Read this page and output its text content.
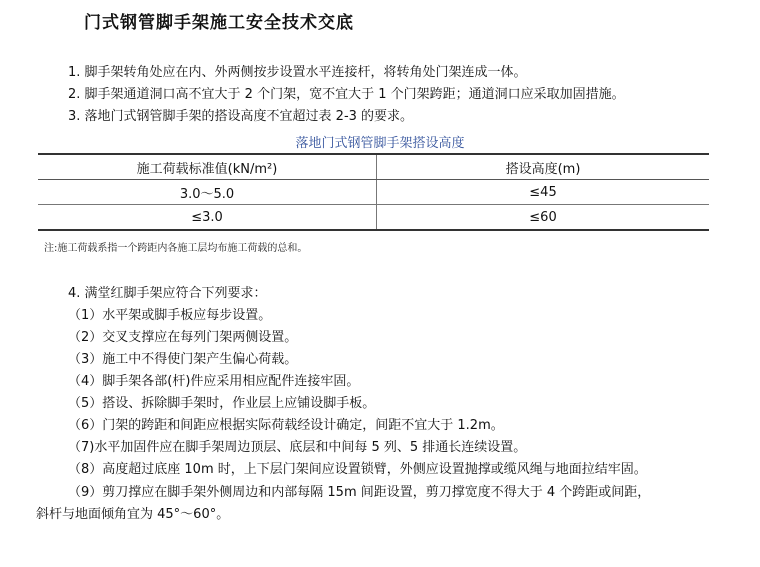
门式钢管脚手架施工安全技术交底
1. 脚手架转角处应在内、外两侧按步设置水平连接杆，将转角处门架连成一体。
2. 脚手架通道洞口高不宜大于 2 个门架，宽不宜大于 1 个门架跨距；通道洞口应采取加固措施。
3. 落地门式钢管脚手架的搭设高度不宜超过表 2-3 的要求。
落地门式钢管脚手架搭设高度
施工荷载标准值(kN/m²)	搭设高度(m)
3.0～5.0	≤45
≤3.0	≤60
注:施工荷载系指一个跨距内各施工层均布施工荷载的总和。
4. 满堂红脚手架应符合下列要求：
（1）水平架或脚手板应每步设置。
（2）交叉支撑应在每列门架两侧设置。
（3）施工中不得使门架产生偏心荷载。
（4）脚手架各部(杆)件应采用相应配件连接牢固。
（5）搭设、拆除脚手架时，作业层上应铺设脚手板。
（6）门架的跨距和间距应根据实际荷载经设计确定，间距不宜大于 1.2m。
（7)水平加固件应在脚手架周边顶层、底层和中间每 5 列、5 排通长连续设置。
（8）高度超过底座 10m 时，上下层门架间应设置锁臂，外侧应设置抛撑或缆风绳与地面拉结牢固。
（9）剪刀撑应在脚手架外侧周边和内部每隔 15m 间距设置，剪刀撑宽度不得大于 4 个跨距或间距，
斜杆与地面倾角宜为 45°～60°。
